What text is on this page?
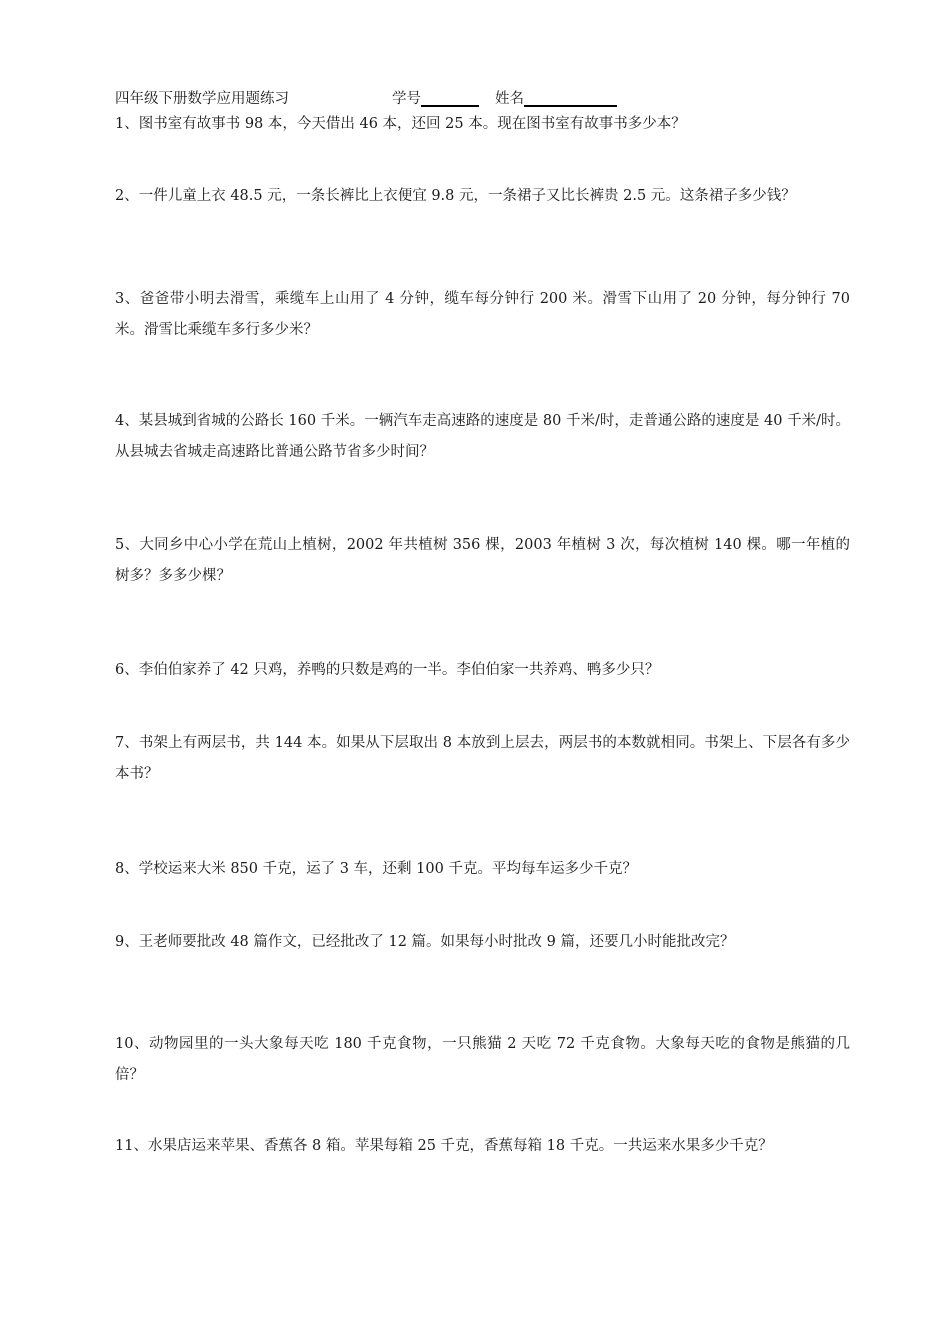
四年级下册数学应用题练习	学号	姓名
1、图书室有故事书 98 本，今天借出 46 本，还回 25 本。现在图书室有故事书多少本？
2、一件儿童上衣 48.5 元，一条长裤比上衣便宜 9.8 元，一条裙子又比长裤贵 2.5 元。这条裙子多少钱？
3、爸爸带小明去滑雪，乘缆车上山用了 4 分钟，缆车每分钟行 200 米。滑雪下山用了 20 分钟，每分钟行 70 米。滑雪比乘缆车多行多少米？
4、某县城到省城的公路长 160 千米。一辆汽车走高速路的速度是 80 千米/时，走普通公路的速度是 40 千米/时。从县城去省城走高速路比普通公路节省多少时间？
5、大同乡中心小学在荒山上植树，2002 年共植树 356 棵，2003 年植树 3 次，每次植树 140 棵。哪一年植的树多？多多少棵？
6、李伯伯家养了 42 只鸡，养鸭的只数是鸡的一半。李伯伯家一共养鸡、鸭多少只？
7、书架上有两层书，共 144 本。如果从下层取出 8 本放到上层去，两层书的本数就相同。书架上、下层各有多少本书？
8、学校运来大米 850 千克，运了 3 车，还剩 100 千克。平均每车运多少千克？
9、王老师要批改 48 篇作文，已经批改了 12 篇。如果每小时批改 9 篇，还要几小时能批改完？
10、动物园里的一头大象每天吃 180 千克食物，一只熊猫 2 天吃 72 千克食物。大象每天吃的食物是熊猫的几倍？
11、水果店运来苹果、香蕉各 8 箱。苹果每箱 25 千克，香蕉每箱 18 千克。一共运来水果多少千克？
